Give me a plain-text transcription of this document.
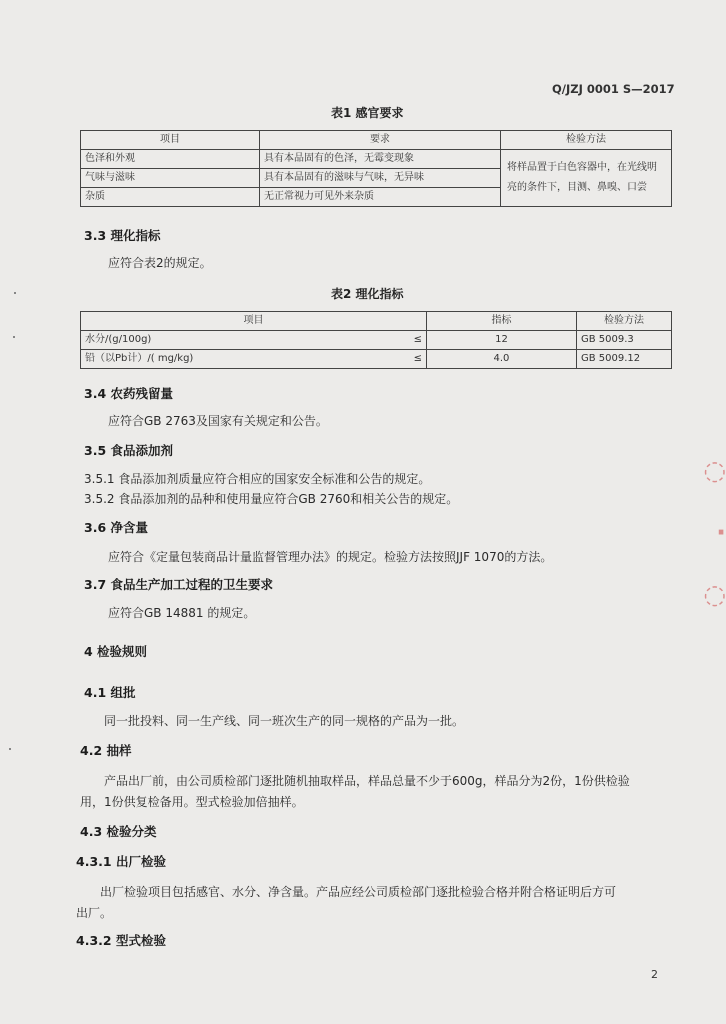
Q/JZJ 0001 S—2017
表1 感官要求
项目	要求	检验方法
色泽和外观	具有本品固有的色泽，无霉变现象	将样品置于白色容器中，在光线明亮的条件下，目测、鼻嗅、口尝
气味与滋味	具有本品固有的滋味与气味，无异味	
杂质	无正常视力可见外来杂质	
3.3 理化指标
应符合表2的规定。
表2 理化指标
项目		指标	检验方法
水分/(g/100g)	≤	12	GB 5009.3
铅（以Pb计）/( mg/kg)	≤	4.0	GB 5009.12
3.4 农药残留量
应符合GB 2763及国家有关规定和公告。
3.5 食品添加剂
3.5.1 食品添加剂质量应符合相应的国家安全标准和公告的规定。
3.5.2 食品添加剂的品种和使用量应符合GB 2760和相关公告的规定。
3.6 净含量
应符合《定量包装商品计量监督管理办法》的规定。检验方法按照JJF 1070的方法。
3.7 食品生产加工过程的卫生要求
应符合GB 14881 的规定。
4 检验规则
4.1 组批
同一批投料、同一生产线、同一班次生产的同一规格的产品为一批。
4.2 抽样
产品出厂前，由公司质检部门逐批随机抽取样品，样品总量不少于600g，样品分为2份，1份供检验
用，1份供复检备用。型式检验加倍抽样。
4.3 检验分类
4.3.1 出厂检验
出厂检验项目包括感官、水分、净含量。产品应经公司质检部门逐批检验合格并附合格证明后方可
出厂。
4.3.2 型式检验
2
◌
·
◌
